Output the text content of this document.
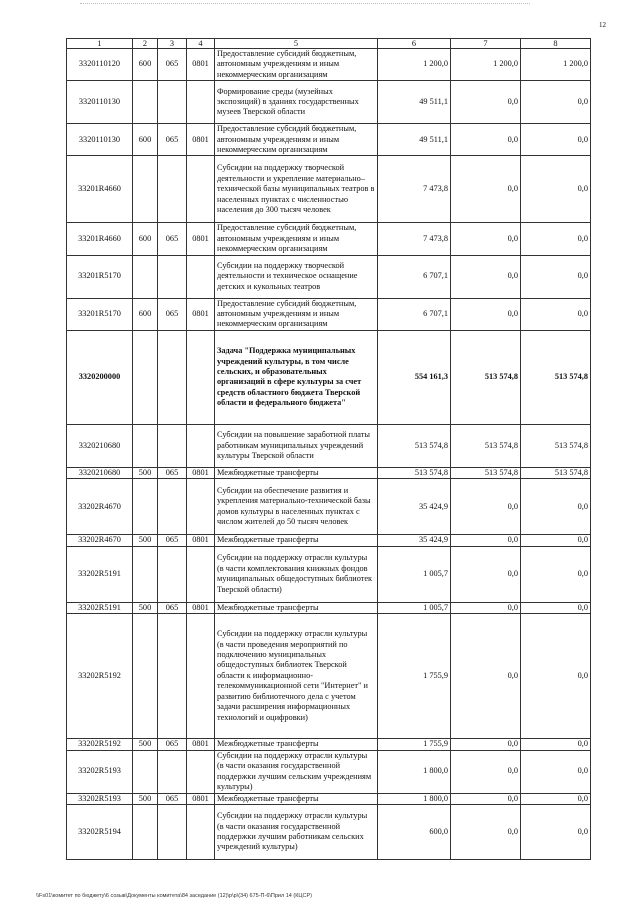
12
1	2	3	4	5	6	7	8
3320110120	600	065	0801	Предоставление субсидий бюджетным, автономным учреждениям и иным некоммерческим организациям	1 200,0	1 200,0	1 200,0
3320110130				Формирование среды (музейных экспозиций) в зданиях государственных музеев Тверской области	49 511,1	0,0	0,0
3320110130	600	065	0801	Предоставление субсидий бюджетным, автономным учреждениям и иным некоммерческим организациям	49 511,1	0,0	0,0
33201R4660				Субсидии на поддержку творческой деятельности и укрепление материально–технической базы муниципальных театров в населенных пунктах с численностью населения до 300 тысяч человек	7 473,8	0,0	0,0
33201R4660	600	065	0801	Предоставление субсидий бюджетным, автономным учреждениям и иным некоммерческим организациям	7 473,8	0,0	0,0
33201R5170				Субсидии на поддержку творческой деятельности и техническое оснащение детских и кукольных театров	6 707,1	0,0	0,0
33201R5170	600	065	0801	Предоставление субсидий бюджетным, автономным учреждениям и иным некоммерческим организациям	6 707,1	0,0	0,0
3320200000				Задача "Поддержка муниципальных учреждений культуры, в том числе сельских, и образовательных организаций в сфере культуры за счет средств областного бюджета Тверской области и федерального бюджета"	554 161,3	513 574,8	513 574,8
3320210680				Субсидии на повышение заработной платы работникам муниципальных учреждений культуры Тверской области	513 574,8	513 574,8	513 574,8
3320210680	500	065	0801	Межбюджетные трансферты	513 574,8	513 574,8	513 574,8
33202R4670				Субсидии на обеспечение развития и укрепления материально-технической базы домов культуры в населенных пунктах с числом жителей до 50 тысяч человек	35 424,9	0,0	0,0
33202R4670	500	065	0801	Межбюджетные трансферты	35 424,9	0,0	0,0
33202R5191				Субсидии на поддержку отрасли культуры (в части комплектования книжных фондов муниципальных общедоступных библиотек Тверской области)	1 005,7	0,0	0,0
33202R5191	500	065	0801	Межбюджетные трансферты	1 005,7	0,0	0,0
33202R5192				Субсидии на поддержку отрасли культуры (в части проведения мероприятий по подключению муниципальных общедоступных библиотек Тверской области к информационно-телекоммуникационной сети "Интернет" и развитию библиотечного дела с учетом задачи расширения информационных технологий и оцифровки)	1 755,9	0,0	0,0
33202R5192	500	065	0801	Межбюджетные трансферты	1 755,9	0,0	0,0
33202R5193				Субсидии на поддержку отрасли культуры (в части оказания государственной поддержки лучшим сельским учреждениям культуры)	1 800,0	0,0	0,0
33202R5193	500	065	0801	Межбюджетные трансферты	1 800,0	0,0	0,0
33202R5194				Субсидии на поддержку отрасли культуры (в части оказания государственной поддержки лучшим работникам сельских учреждений культуры)	600,0	0,0	0,0
\\Fs01\комитет по бюджету\6 созыв\Документы комитета\84 заседание (12)\р\р\(34) 675-П-6\Прил 14 (КЦСР)
